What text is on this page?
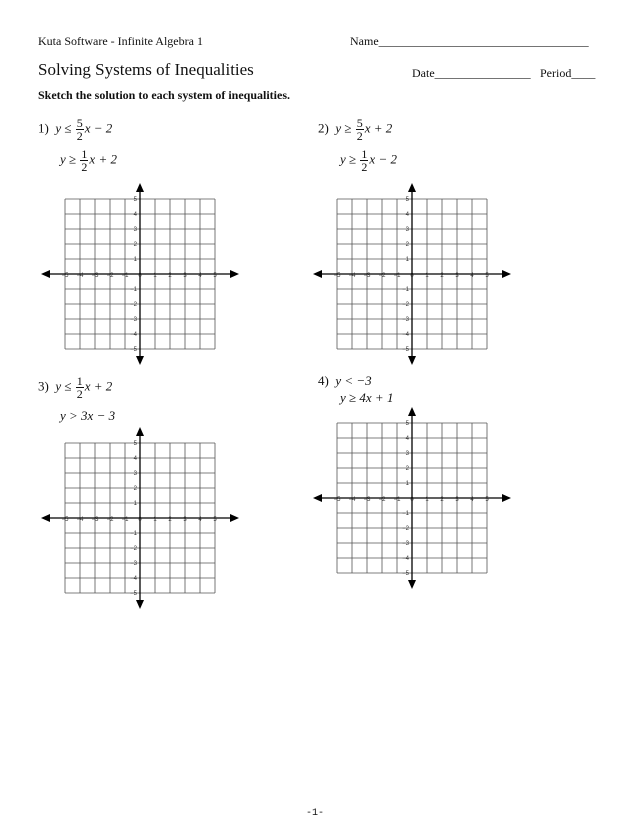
Kuta Software - Infinite Algebra 1	Name___________________________________
Solving Systems of Inequalities	Date________________ Period____
Sketch the solution to each system of inequalities.
1) $y \le \frac{5}{2}$ x − 2
$y \ge \frac{1}{2}$ x + 2
2) $y \ge \frac{5}{2}$ x + 2
$y \ge \frac{1}{2}$ x − 2
3) $y \le \frac{1}{2}$ x + 2
y > 3x − 3
4) y < −3
y ≥ 4x + 1
−5 −4 −3 −2 −1 0 1 2 3 4 5
5
4
3
2
1
−1
−2
−3
−4
−5
−5 −4 −3 −2 −1 0 1 2 3 4 5
5
4
3
2
1
−1
−2
−3
−4
−5
−5 −4 −3 −2 −1 0 1 2 3 4 5
5
4
3
2
1
−1
−2
−3
−4
−5
−5 −4 −3 −2 −1 0 1 2 3 4 5
5
4
3
2
1
−1
−2
−3
−4
−5
-1-
